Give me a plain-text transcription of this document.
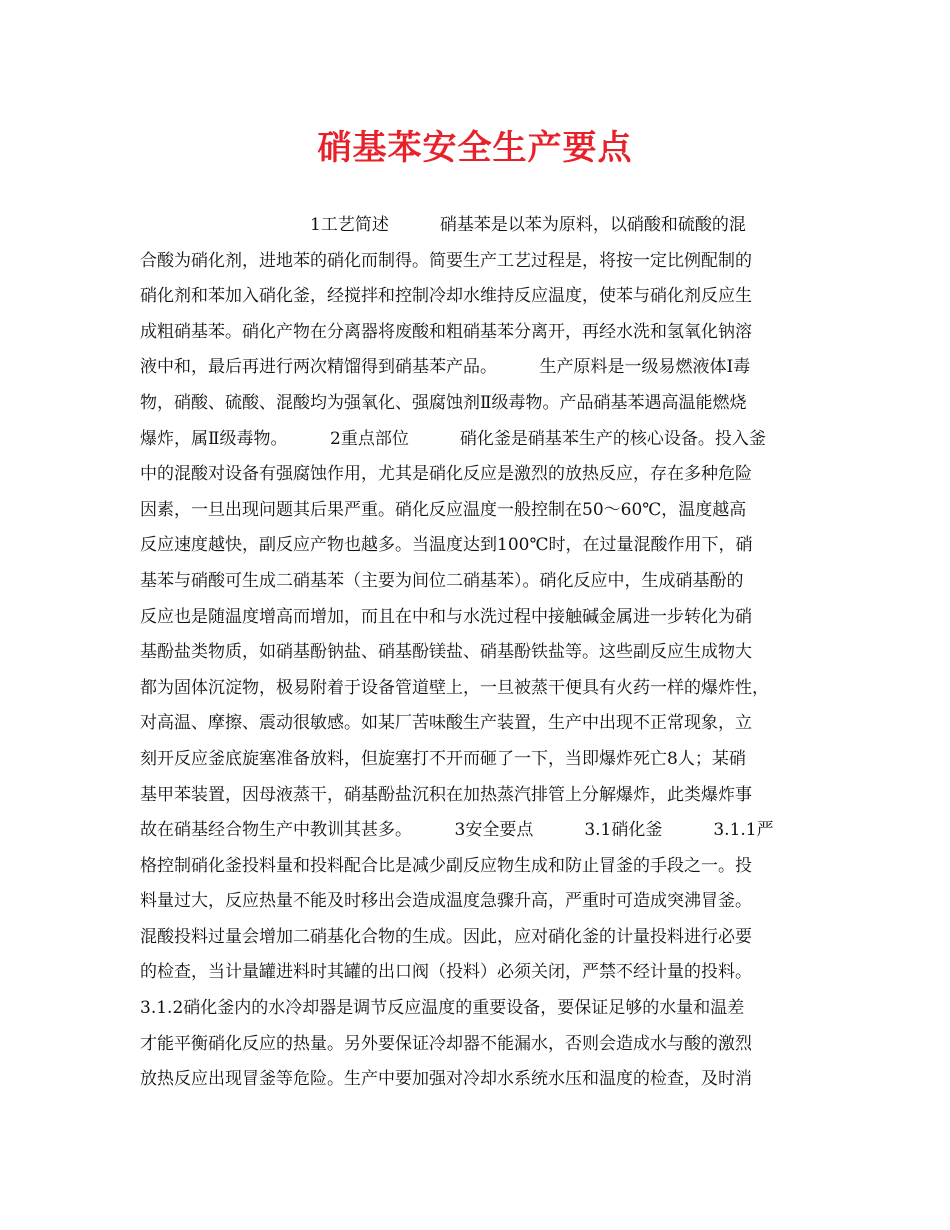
硝基苯安全生产要点
　　　　　　　　　　1工艺简述　　　硝基苯是以苯为原料，以硝酸和硫酸的混
合酸为硝化剂，进地苯的硝化而制得。简要生产工艺过程是，将按一定比例配制的
硝化剂和苯加入硝化釜，经搅拌和控制冷却水维持反应温度，使苯与硝化剂反应生
成粗硝基苯。硝化产物在分离器将废酸和粗硝基苯分离开，再经水洗和氢氧化钠溶
液中和，最后再进行两次精馏得到硝基苯产品。　　　生产原料是一级易燃液体Ⅰ毒
物，硝酸、硫酸、混酸均为强氧化、强腐蚀剂Ⅱ级毒物。产品硝基苯遇高温能燃烧
爆炸，属Ⅱ级毒物。　　　2重点部位　　　硝化釜是硝基苯生产的核心设备。投入釜
中的混酸对设备有强腐蚀作用，尤其是硝化反应是激烈的放热反应，存在多种危险
因素，一旦出现问题其后果严重。硝化反应温度一般控制在50～60℃，温度越高
反应速度越快，副反应产物也越多。当温度达到100℃时，在过量混酸作用下，硝
基苯与硝酸可生成二硝基苯（主要为间位二硝基苯）。硝化反应中，生成硝基酚的
反应也是随温度增高而增加，而且在中和与水洗过程中接触碱金属进一步转化为硝
基酚盐类物质，如硝基酚钠盐、硝基酚镁盐、硝基酚铁盐等。这些副反应生成物大
都为固体沉淀物，极易附着于设备管道壁上，一旦被蒸干便具有火药一样的爆炸性，
对高温、摩擦、震动很敏感。如某厂苦味酸生产装置，生产中出现不正常现象，立
刻开反应釜底旋塞准备放料，但旋塞打不开而砸了一下，当即爆炸死亡8人；某硝
基甲苯装置，因母液蒸干，硝基酚盐沉积在加热蒸汽排管上分解爆炸，此类爆炸事
故在硝基经合物生产中教训其甚多。　　　3安全要点　　　3.1硝化釜　　　3.1.1严
格控制硝化釜投料量和投料配合比是减少副反应物生成和防止冒釜的手段之一。投
料量过大，反应热量不能及时移出会造成温度急骤升高，严重时可造成突沸冒釜。
混酸投料过量会增加二硝基化合物的生成。因此，应对硝化釜的计量投料进行必要
的检查，当计量罐进料时其罐的出口阀（投料）必须关闭，严禁不经计量的投料。
3.1.2硝化釜内的水冷却器是调节反应温度的重要设备，要保证足够的水量和温差
才能平衡硝化反应的热量。另外要保证冷却器不能漏水，否则会造成水与酸的激烈
放热反应出现冒釜等危险。生产中要加强对冷却水系统水压和温度的检查，及时消
